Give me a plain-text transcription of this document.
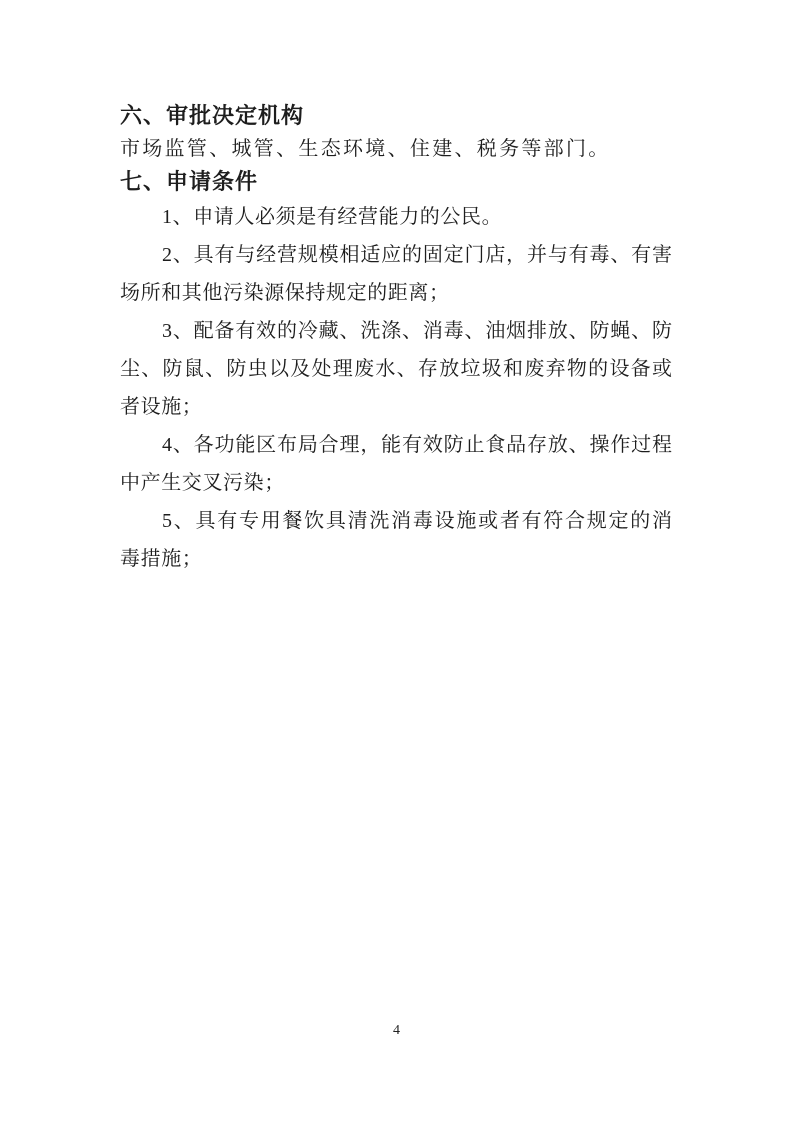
六、审批决定机构
市场监管、城管、生态环境、住建、税务等部门。
七、申请条件
1、申请人必须是有经营能力的公民。
2、具有与经营规模相适应的固定门店，并与有毒、有害
场所和其他污染源保持规定的距离；
3、配备有效的冷藏、洗涤、消毒、油烟排放、防蝇、防
尘、防鼠、防虫以及处理废水、存放垃圾和废弃物的设备或
者设施；
4、各功能区布局合理，能有效防止食品存放、操作过程
中产生交叉污染；
5、具有专用餐饮具清洗消毒设施或者有符合规定的消
毒措施；
4
